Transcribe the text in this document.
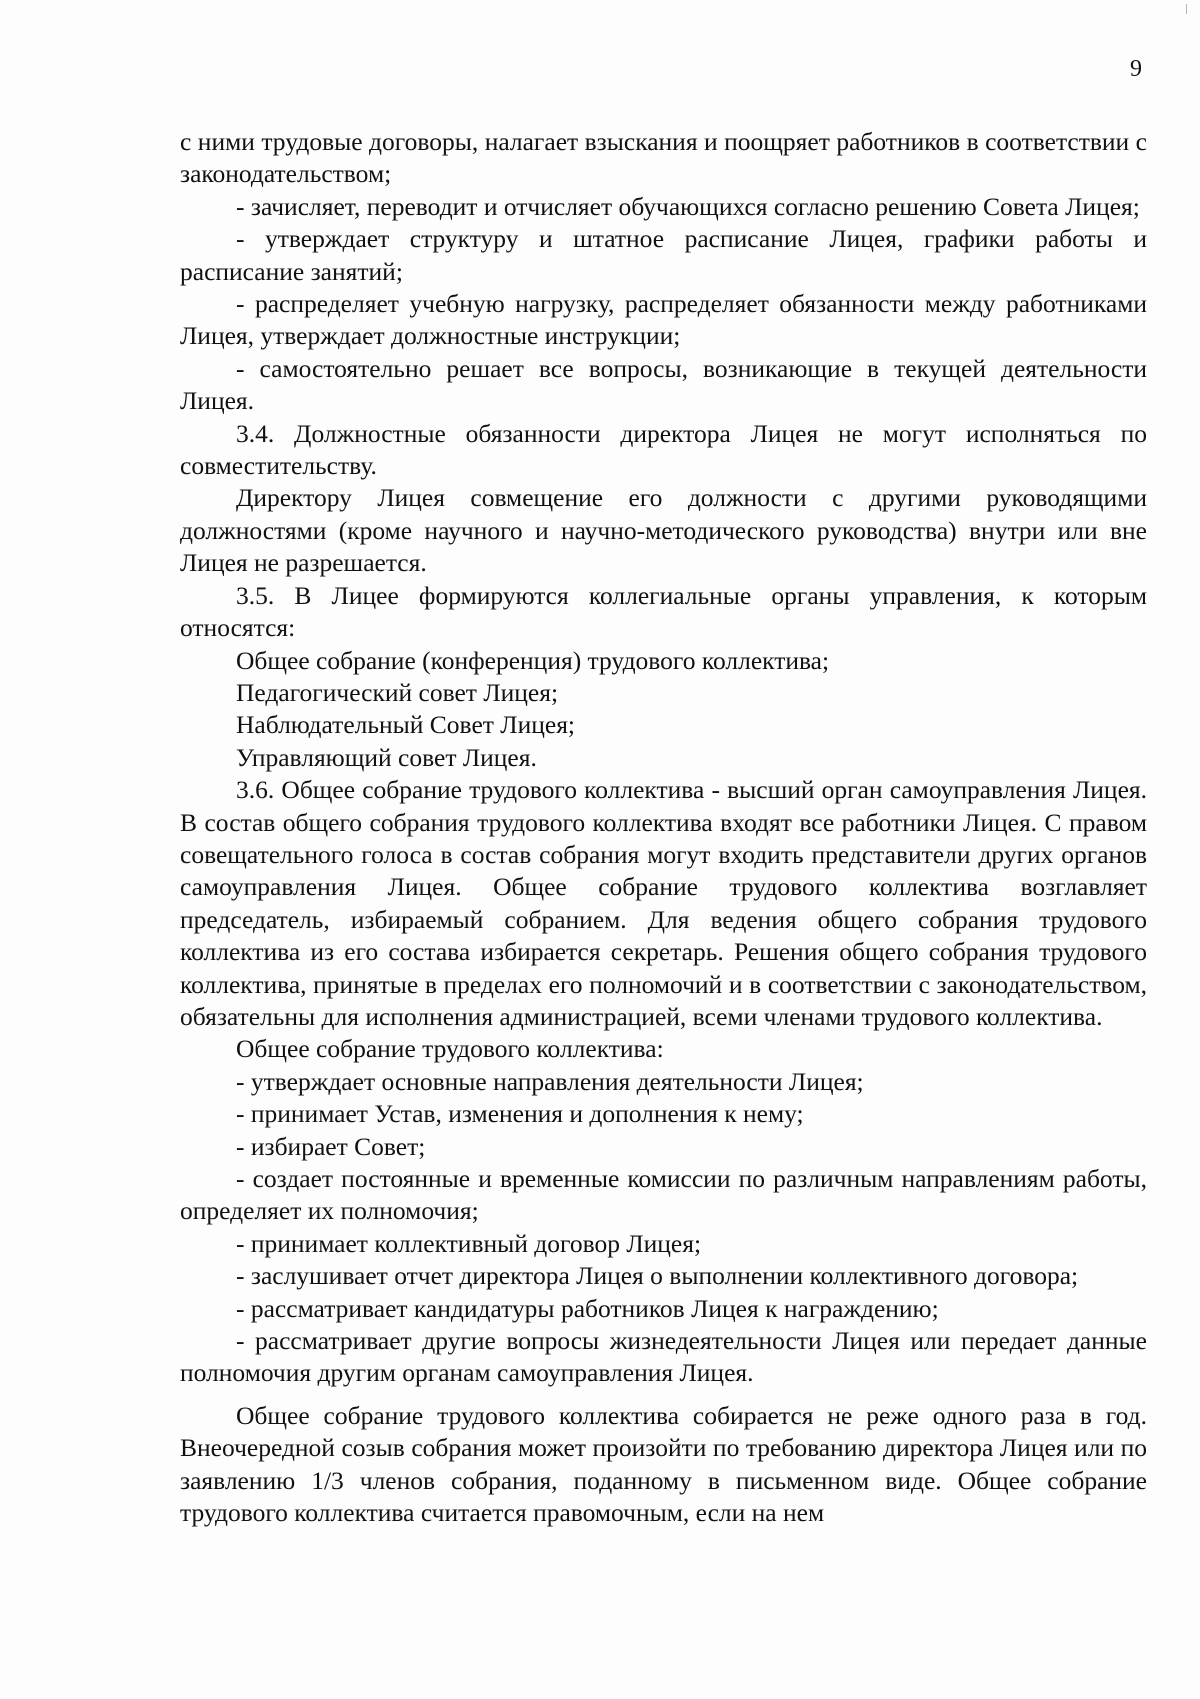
9

с ними трудовые договоры, налагает взыскания и поощряет работников в соответствии с законодательством;

- зачисляет, переводит и отчисляет обучающихся согласно решению Совета Лицея;

- утверждает структуру и штатное расписание Лицея, графики работы и расписание занятий;

- распределяет учебную нагрузку, распределяет обязанности между работниками Лицея, утверждает должностные инструкции;

- самостоятельно решает все вопросы, возникающие в текущей деятельности Лицея.

3.4. Должностные обязанности директора Лицея не могут исполняться по совместительству.

Директору Лицея совмещение его должности с другими руководящими должностями (кроме научного и научно-методического руководства) внутри или вне Лицея не разрешается.

3.5. В Лицее формируются коллегиальные органы управления, к которым относятся:

Общее собрание (конференция) трудового коллектива;

Педагогический совет Лицея;

Наблюдательный Совет Лицея;

Управляющий совет Лицея.

3.6. Общее собрание трудового коллектива - высший орган самоуправления Лицея. В состав общего собрания трудового коллектива входят все работники Лицея. С правом совещательного голоса в состав собрания могут входить представители других органов самоуправления Лицея. Общее собрание трудового коллектива возглавляет председатель, избираемый собранием. Для ведения общего собрания трудового коллектива из его состава избирается секретарь. Решения общего собрания трудового коллектива, принятые в пределах его полномочий и в соответствии с законодательством, обязательны для исполнения администрацией, всеми членами трудового коллектива.

Общее собрание трудового коллектива:

- утверждает основные направления деятельности Лицея;

- принимает Устав, изменения и дополнения к нему;

- избирает Совет;

- создает постоянные и временные комиссии по различным направлениям работы, определяет их полномочия;

- принимает коллективный договор Лицея;

- заслушивает отчет директора Лицея о выполнении коллективного договора;

- рассматривает кандидатуры работников Лицея к награждению;

- рассматривает другие вопросы жизнедеятельности Лицея или передает данные полномочия другим органам самоуправления Лицея.

Общее собрание трудового коллектива собирается не реже одного раза в год. Внеочередной созыв собрания может произойти по требованию директора Лицея или по заявлению 1/3 членов собрания, поданному в письменном виде. Общее собрание трудового коллектива считается правомочным, если на нем
